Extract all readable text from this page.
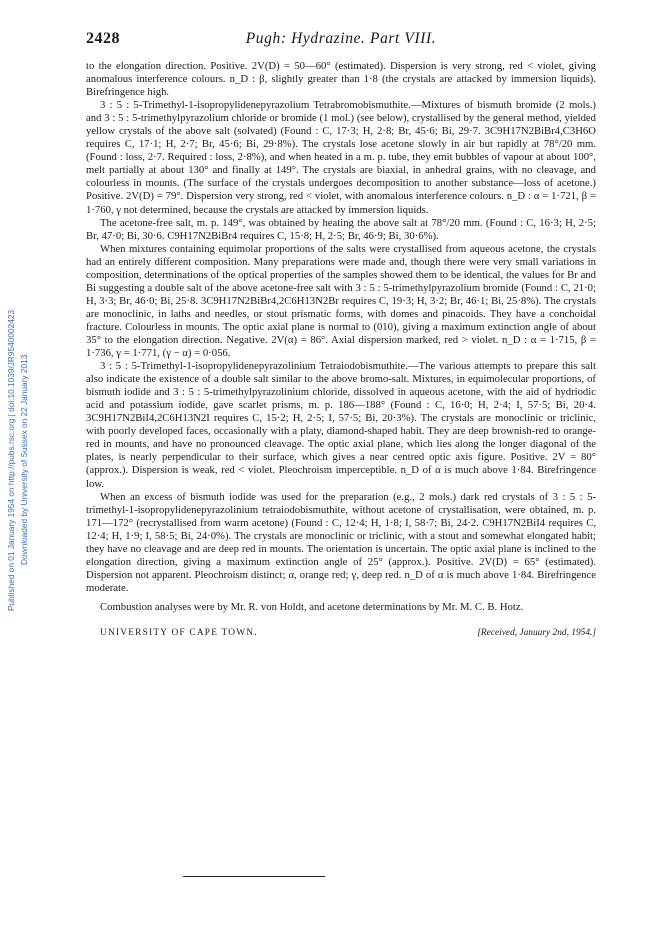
Published on 01 January 1954 on http://pubs.rsc.org | doi:10.1039/JR9540002423 Downloaded by University of Sussex on 22 January 2013
2428	Pugh: Hydrazine. Part VIII.

to the elongation direction. Positive. 2V(D) = 50—60° (estimated). Dispersion is very strong, red < violet, giving anomalous interference colours. n_D : β, slightly greater than 1·8 (the crystals are attacked by immersion liquids). Birefringence high.

3 : 5 : 5-Trimethyl-1-isopropylidenepyrazolium Tetrabromobismuthite.—Mixtures of bismuth bromide (2 mols.) and 3 : 5 : 5-trimethylpyrazolium chloride or bromide (1 mol.) (see below), crystallised by the general method, yielded yellow crystals of the above salt (solvated) (Found : C, 17·3; H, 2·8; Br, 45·6; Bi, 29·7. 3C9H17N2BiBr4,C3H6O requires C, 17·1; H, 2·7; Br, 45·6; Bi, 29·8%). The crystals lose acetone slowly in air but rapidly at 78°/20 mm. (Found : loss, 2·7. Required : loss, 2·8%), and when heated in a m. p. tube, they emit bubbles of vapour at about 100°, melt partially at about 130° and finally at 149°. The crystals are biaxial, in anhedral grains, with no cleavage, and colourless in mounts. (The surface of the crystals undergoes decomposition to another substance—loss of acetone.) Positive. 2V(D) = 79°. Dispersion very strong, red < violet, with anomalous interference colours. n_D : α = 1·721, β = 1·760, γ not determined, because the crystals are attacked by immersion liquids.

The acetone-free salt, m. p. 149°, was obtained by heating the above salt at 78°/20 mm. (Found : C, 16·3; H, 2·5; Br, 47·0; Bi, 30·6. C9H17N2BiBr4 requires C, 15·8; H, 2·5; Br, 46·9; Bi, 30·6%).

When mixtures containing equimolar proportions of the salts were crystallised from aqueous acetone, the crystals had an entirely different composition. Many preparations were made and, though there were very small variations in composition, determinations of the optical properties of the samples showed them to be identical, the values for Br and Bi suggesting a double salt of the above acetone-free salt with 3 : 5 : 5-trimethylpyrazolium bromide (Found : C, 21·0; H, 3·3; Br, 46·0; Bi, 25·8. 3C9H17N2BiBr4,2C6H13N2Br requires C, 19·3; H, 3·2; Br, 46·1; Bi, 25·8%). The crystals are monoclinic, in laths and needles, or stout prismatic forms, with domes and pinacoids. They have a conchoidal fracture. Colourless in mounts. The optic axial plane is normal to (010), giving a maximum extinction angle of about 35° to the elongation direction. Negative. 2V(α) = 86°. Axial dispersion marked, red > violet. n_D : α = 1·715, β = 1·736, γ = 1·771, (γ − α) = 0·056.

3 : 5 : 5-Trimethyl-1-isopropylidenepyrazolinium Tetraiodobismuthite.—The various attempts to prepare this salt also indicate the existence of a double salt similar to the above bromo-salt. Mixtures, in equimolecular proportions, of bismuth iodide and 3 : 5 : 5-trimethylpyrazolinium chloride, dissolved in aqueous acetone, with the aid of hydriodic acid and potassium iodide, gave scarlet prisms, m. p. 186—188° (Found : C, 16·0; H, 2·4; I, 57·5; Bi, 20·4. 3C9H17N2BiI4,2C6H13N2I requires C, 15·2; H, 2·5; I, 57·5; Bi, 20·3%). The crystals are monoclinic or triclinic, with poorly developed faces, occasionally with a platy, diamond-shaped habit. They are deep brownish-red to orange-red in mounts, and have no pronounced cleavage. The optic axial plane, which lies along the longer diagonal of the plates, is nearly perpendicular to their surface, which gives a near centred optic axis figure. Positive. 2V = 80° (approx.). Dispersion is weak, red < violet. Pleochroism imperceptible. n_D of α is much above 1·84. Birefringence low.

When an excess of bismuth iodide was used for the preparation (e.g., 2 mols.) dark red crystals of 3 : 5 : 5-trimethyl-1-isopropylidenepyrazolinium tetraiodobismuthite, without acetone of crystallisation, were obtained, m. p. 171—172° (recrystallised from warm acetone) (Found : C, 12·4; H, 1·8; I, 58·7; Bi, 24·2. C9H17N2BiI4 requires C, 12·4; H, 1·9; I, 58·5; Bi, 24·0%). The crystals are monoclinic or triclinic, with a stout and somewhat elongated habit; they have no cleavage and are deep red in mounts. The orientation is uncertain. The optic axial plane is inclined to the elongation direction, giving a maximum extinction angle of 25° (approx.). Positive. 2V(D) = 65° (estimated). Dispersion not apparent. Pleochroism distinct; α, orange red; γ, deep red. n_D of α is much above 1·84. Birefringence moderate.

Combustion analyses were by Mr. R. von Holdt, and acetone determinations by Mr. M. C. B. Hotz.

UNIVERSITY OF CAPE TOWN.	[Received, January 2nd, 1954.]
